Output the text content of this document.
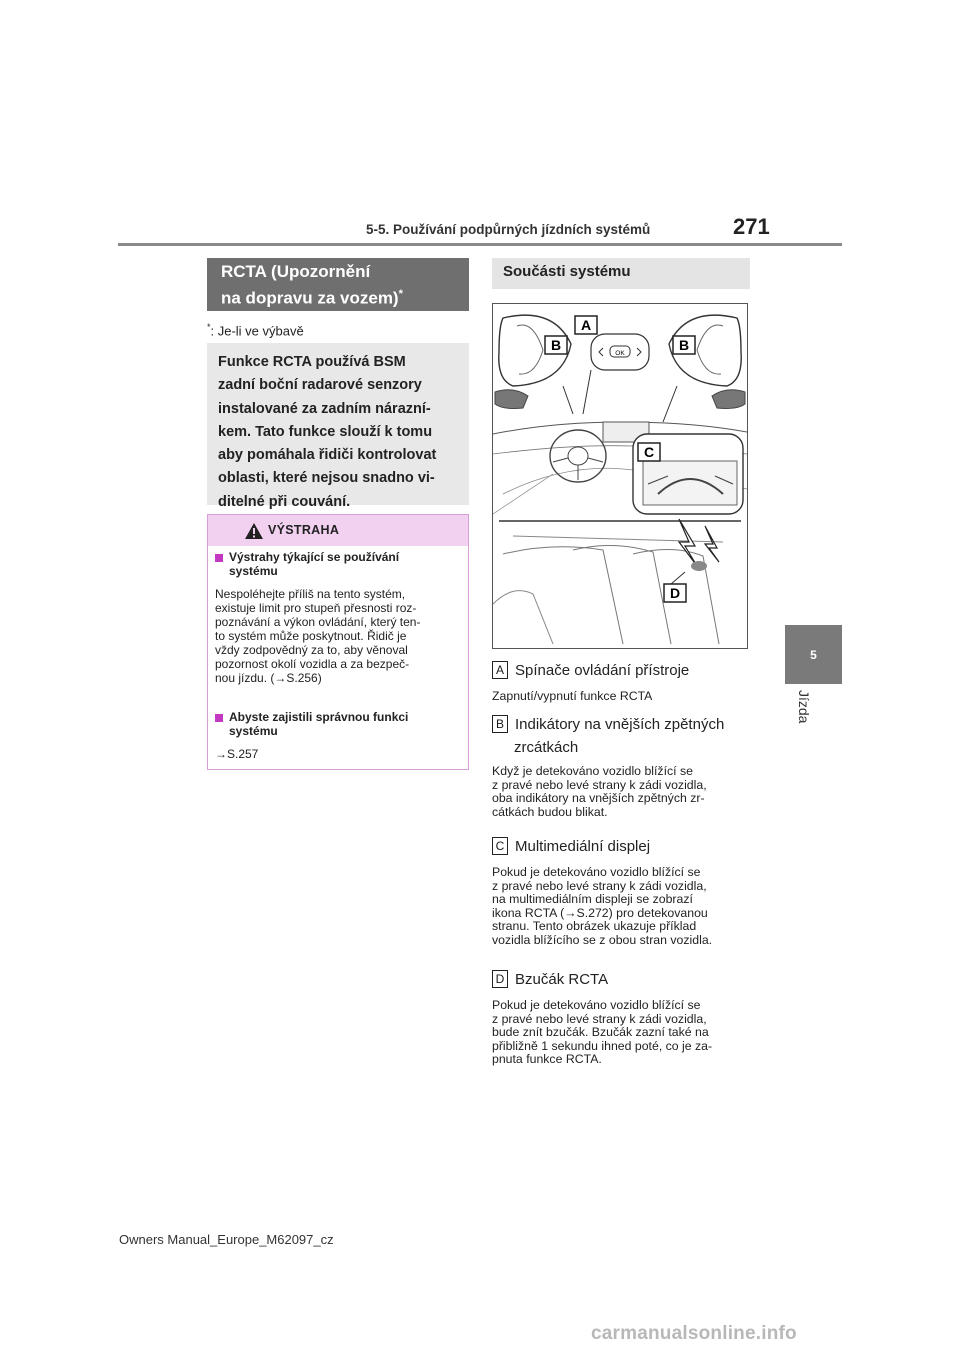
5-5. Používání podpůrných jízdních systémů	271
5
Jízda
RCTA (Upozornění
na dopravu za vozem)*
*: Je-li ve výbavě
Funkce RCTA používá BSM
zadní boční radarové senzory
instalované za zadním nárazní-
kem. Tato funkce slouží k tomu
aby pomáhala řidiči kontrolovat
oblasti, které nejsou snadno vi-
ditelné při couvání.
VÝSTRAHA
Výstrahy týkající se používání
systému
Nespoléhejte příliš na tento systém,
existuje limit pro stupeň přesnosti roz-
poznávání a výkon ovládání, který ten-
to systém může poskytnout. Řidič je
vždy zodpovědný za to, aby věnoval
pozornost okolí vozidla a za bezpeč-
nou jízdu. (→S.256)
Abyste zajistili správnou funkci
systému
→S.257
Součásti systému
OK
A
B	B
C
D
A Spínače ovládání přístroje
Zapnutí/vypnutí funkce RCTA
B Indikátory na vnějších zpětných
zrcátkách
Když je detekováno vozidlo blížící se
z pravé nebo levé strany k zádi vozidla,
oba indikátory na vnějších zpětných zr-
cátkách budou blikat.
C Multimediální displej
Pokud je detekováno vozidlo blížící se
z pravé nebo levé strany k zádi vozidla,
na multimediálním displeji se zobrazí
ikona RCTA (→S.272) pro detekovanou
stranu. Tento obrázek ukazuje příklad
vozidla blížícího se z obou stran vozidla.
D Bzučák RCTA
Pokud je detekováno vozidlo blížící se
z pravé nebo levé strany k zádi vozidla,
bude znít bzučák. Bzučák zazní také na
přibližně 1 sekundu ihned poté, co je za-
pnuta funkce RCTA.
Owners Manual_Europe_M62097_cz
carmanualsonline.info
